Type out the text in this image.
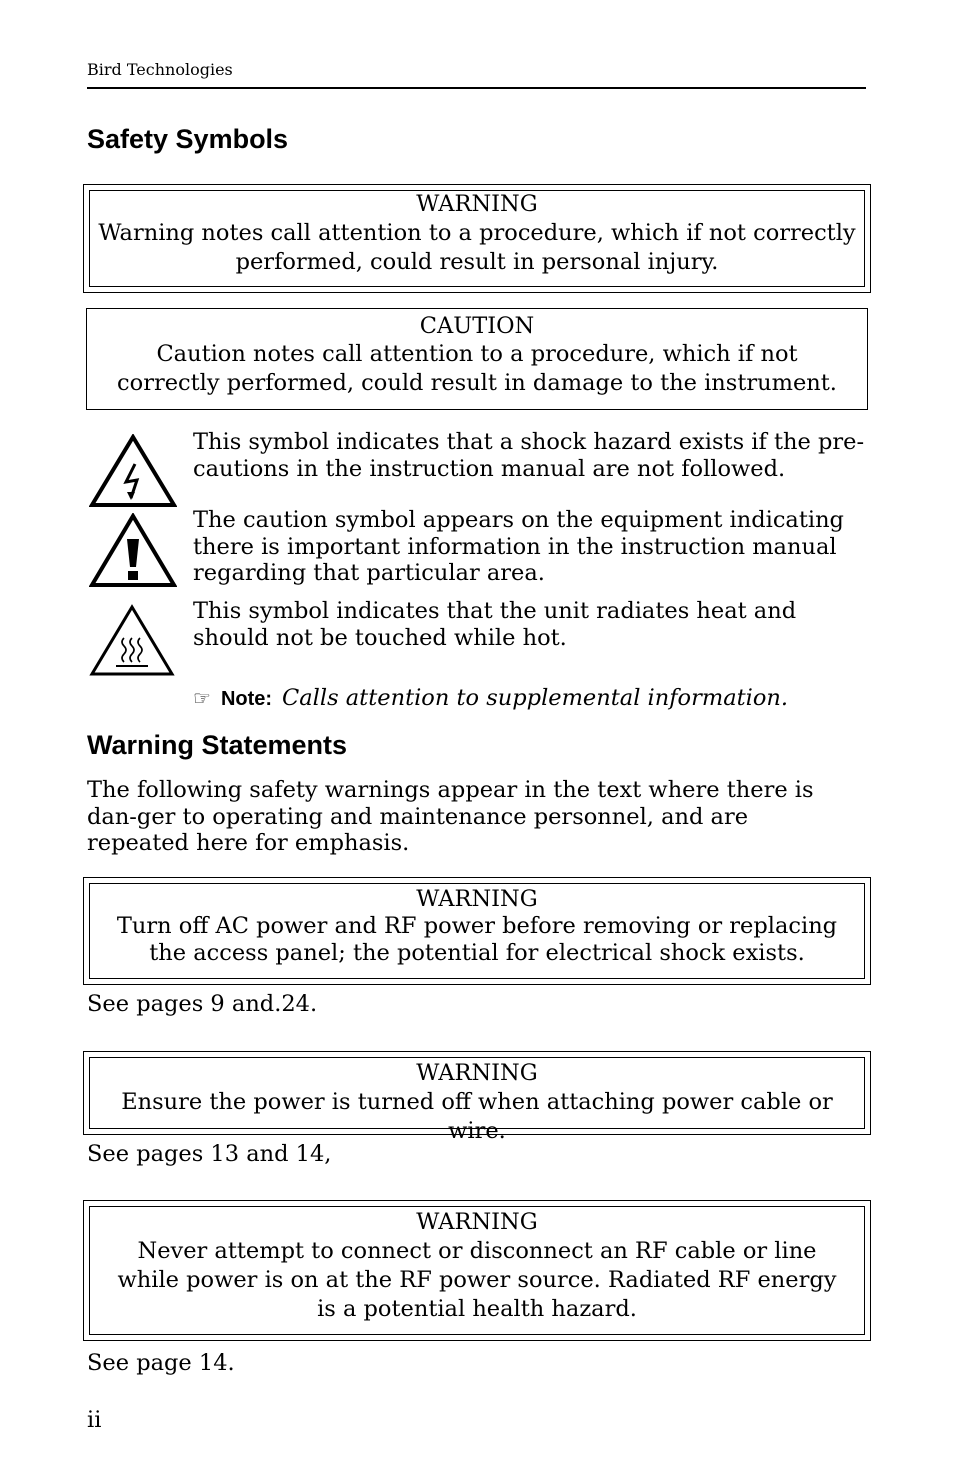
Bird Technologies
Safety Symbols
WARNING
Warning notes call attention to a procedure, which if not correctly performed, could result in personal injury.
CAUTION
Caution notes call attention to a procedure, which if not correctly performed, could result in damage to the instrument.
This symbol indicates that a shock hazard exists if the pre-cautions in the instruction manual are not followed.
The caution symbol appears on the equipment indicating there is important information in the instruction manual regarding that particular area.
This symbol indicates that the unit radiates heat and should not be touched while hot.
☞ Note: Calls attention to supplemental information.
Warning Statements
The following safety warnings appear in the text where there is dan-ger to operating and maintenance personnel, and are repeated here for emphasis.
WARNING
Turn off AC power and RF power before removing or replacing the access panel; the potential for electrical shock exists.
See pages 9 and.24.
WARNING
Ensure the power is turned off when attaching power cable or wire.
See pages 13 and 14,
WARNING
Never attempt to connect or disconnect an RF cable or line while power is on at the RF power source. Radiated RF energy is a potential health hazard.
See page 14.
ii
